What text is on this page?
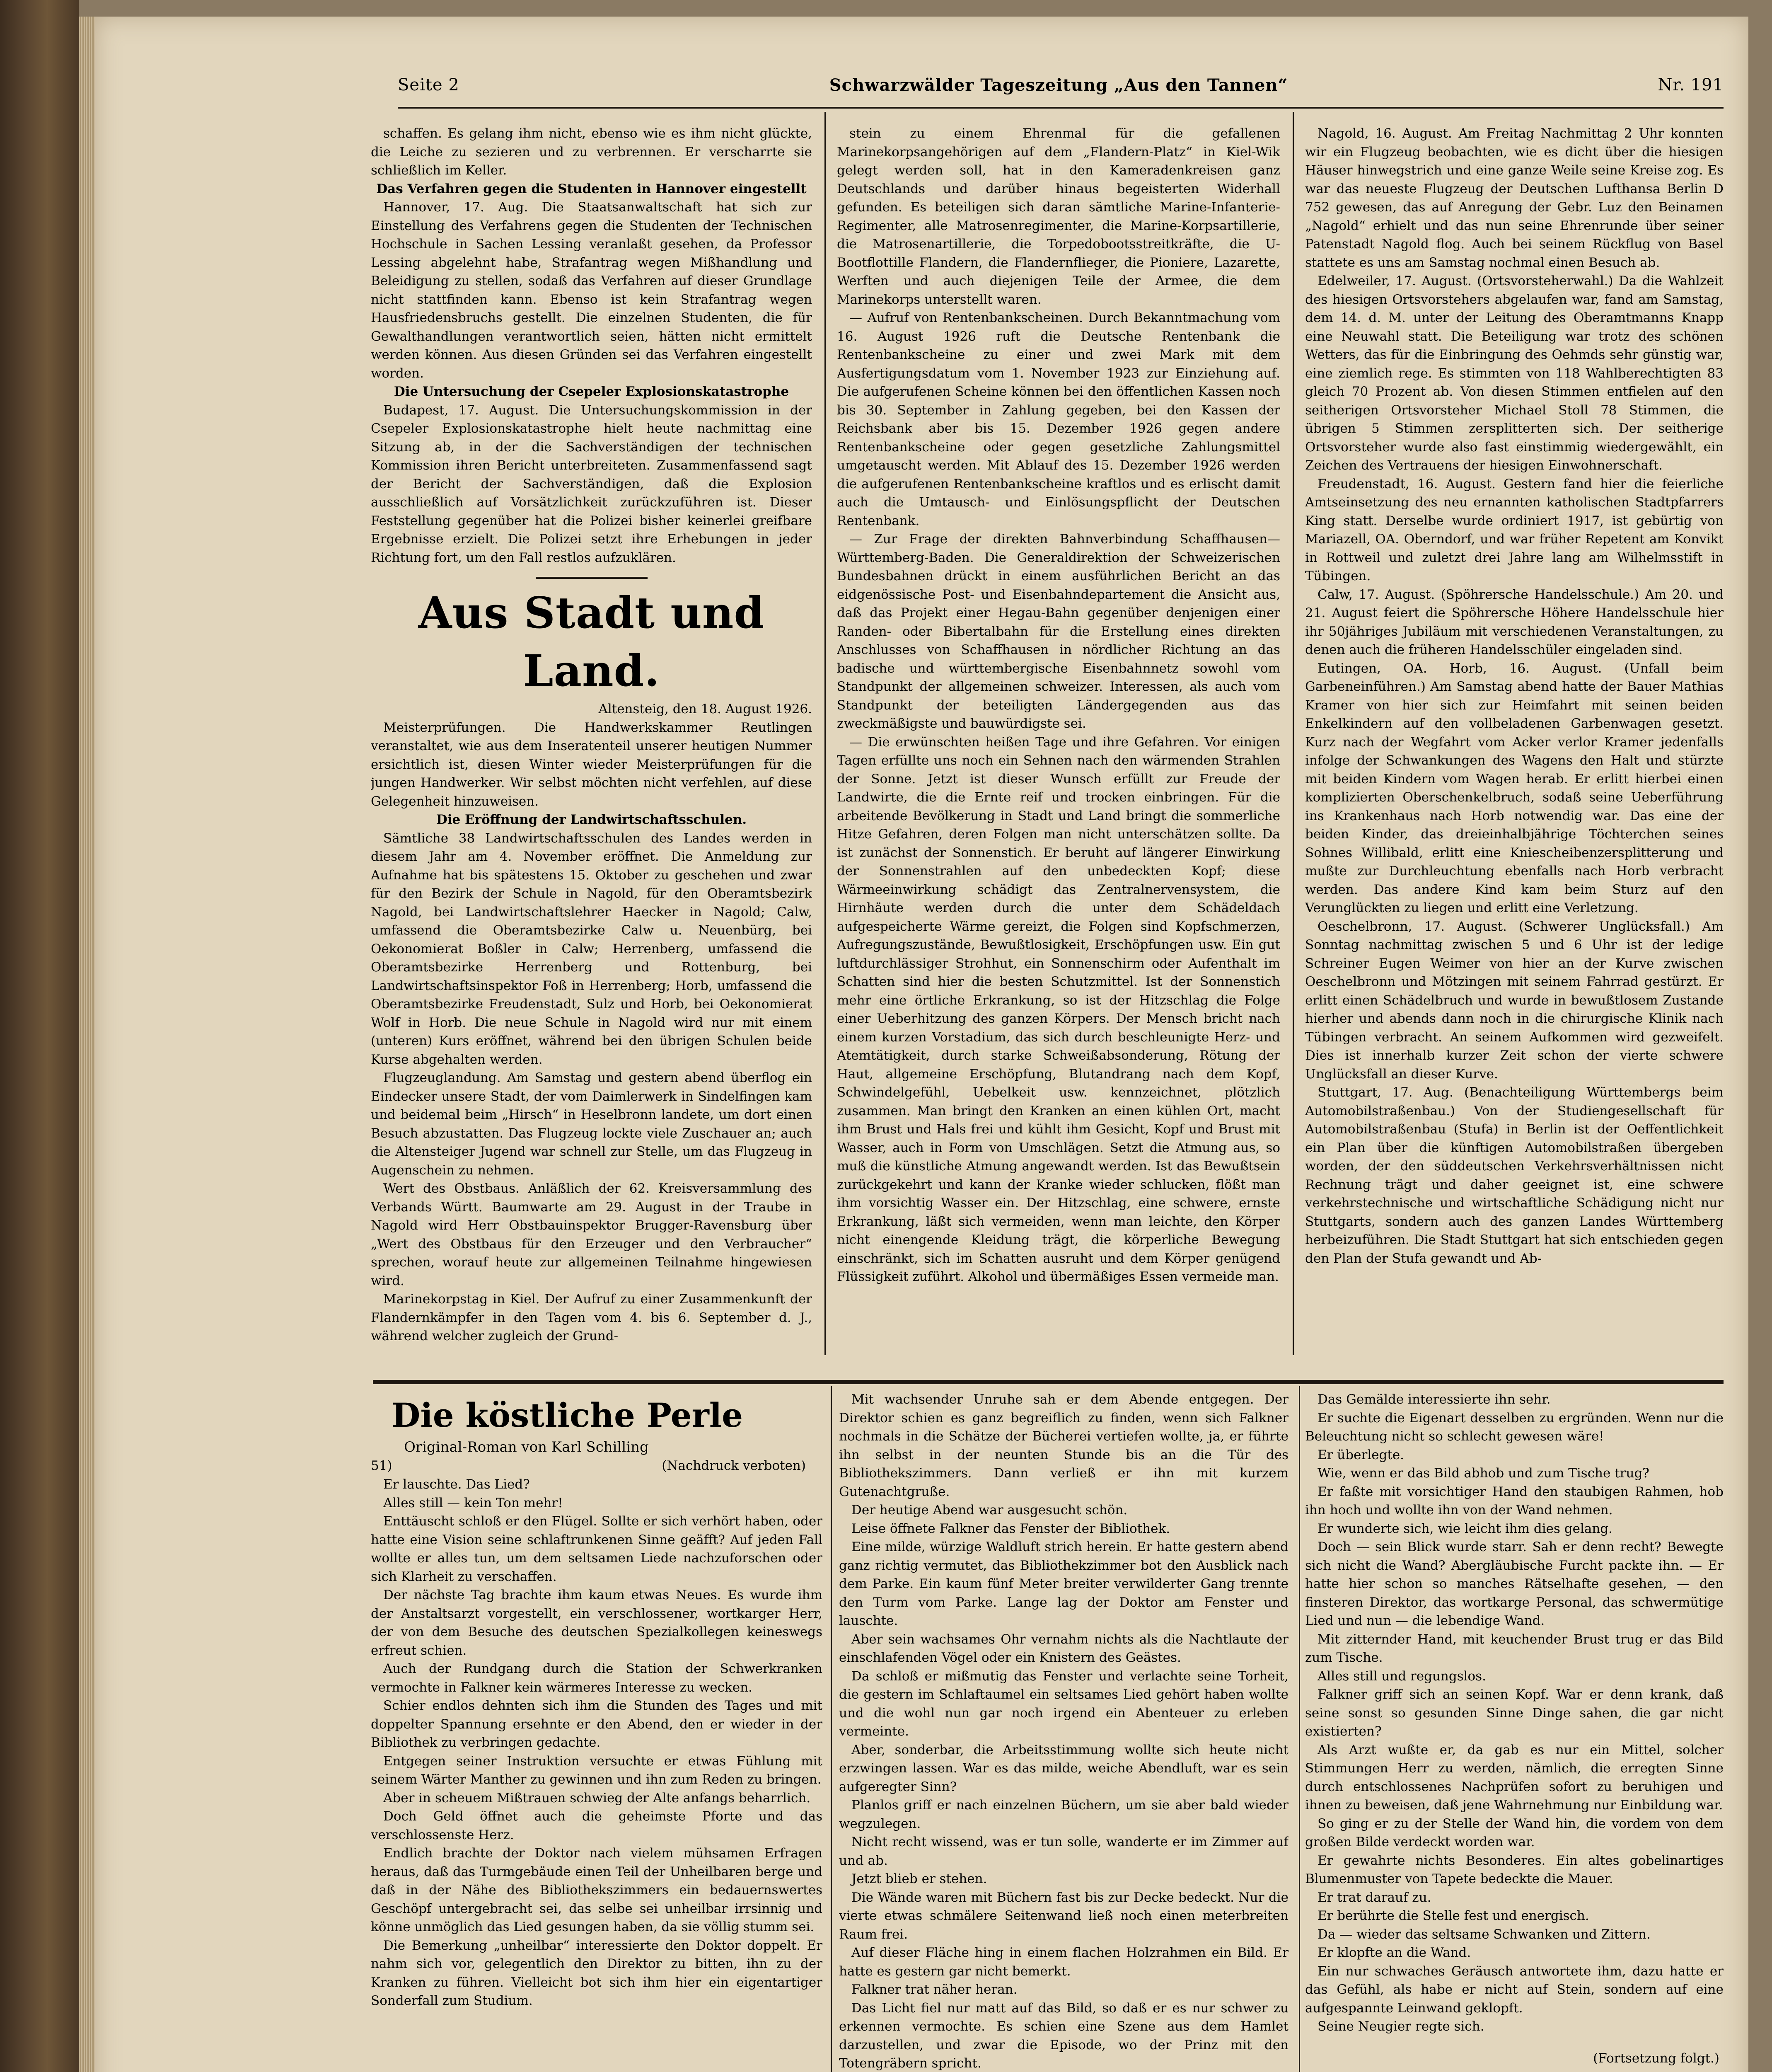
Seite 2	Schwarzwälder Tageszeitung „Aus den Tannen“	Nr. 191

schaffen. Es gelang ihm nicht, ebenso wie es ihm nicht glückte, die Leiche zu sezieren und zu verbrennen. Er verscharrte sie schließlich im Keller.

Das Verfahren gegen die Studenten in Hannover eingestellt

Hannover, 17. Aug. Die Staatsanwaltschaft hat sich zur Einstellung des Verfahrens gegen die Studenten der Technischen Hochschule in Sachen Lessing veranlaßt gesehen, da Professor Lessing abgelehnt habe, Strafantrag wegen Mißhandlung und Beleidigung zu stellen, sodaß das Verfahren auf dieser Grundlage nicht stattfinden kann. Ebenso ist kein Strafantrag wegen Hausfriedensbruchs gestellt. Die einzelnen Studenten, die für Gewalthandlungen verantwortlich seien, hätten nicht ermittelt werden können. Aus diesen Gründen sei das Verfahren eingestellt worden.

Die Untersuchung der Csepeler Explosionskatastrophe

Budapest, 17. August. Die Untersuchungskommission in der Csepeler Explosionskatastrophe hielt heute nachmittag eine Sitzung ab, in der die Sachverständigen der technischen Kommission ihren Bericht unterbreiteten. Zusammenfassend sagt der Bericht der Sachverständigen, daß die Explosion ausschließlich auf Vorsätzlichkeit zurückzuführen ist. Dieser Feststellung gegenüber hat die Polizei bisher keinerlei greifbare Ergebnisse erzielt. Die Polizei setzt ihre Erhebungen in jeder Richtung fort, um den Fall restlos aufzuklären.

Aus Stadt und Land.

Altensteig, den 18. August 1926.

Meisterprüfungen. Die Handwerkskammer Reutlingen veranstaltet, wie aus dem Inseratenteil unserer heutigen Nummer ersichtlich ist, diesen Winter wieder Meisterprüfungen für die jungen Handwerker. Wir selbst möchten nicht verfehlen, auf diese Gelegenheit hinzuweisen.

Die Eröffnung der Landwirtschaftsschulen.

Sämtliche 38 Landwirtschaftsschulen des Landes werden in diesem Jahr am 4. November eröffnet. Die Anmeldung zur Aufnahme hat bis spätestens 15. Oktober zu geschehen und zwar für den Bezirk der Schule in Nagold, für den Oberamtsbezirk Nagold, bei Landwirtschaftslehrer Haecker in Nagold; Calw, umfassend die Oberamtsbezirke Calw u. Neuenbürg, bei Oekonomierat Boßler in Calw; Herrenberg, umfassend die Oberamtsbezirke Herrenberg und Rottenburg, bei Landwirtschaftsinspektor Foß in Herrenberg; Horb, umfassend die Oberamtsbezirke Freudenstadt, Sulz und Horb, bei Oekonomierat Wolf in Horb. Die neue Schule in Nagold wird nur mit einem (unteren) Kurs eröffnet, während bei den übrigen Schulen beide Kurse abgehalten werden.

Flugzeuglandung. Am Samstag und gestern abend überflog ein Eindecker unsere Stadt, der vom Daimlerwerk in Sindelfingen kam und beidemal beim „Hirsch“ in Heselbronn landete, um dort einen Besuch abzustatten. Das Flugzeug lockte viele Zuschauer an; auch die Altensteiger Jugend war schnell zur Stelle, um das Flugzeug in Augenschein zu nehmen.

Wert des Obstbaus. Anläßlich der 62. Kreisversammlung des Verbands Württ. Baumwarte am 29. August in der Traube in Nagold wird Herr Obstbauinspektor Brugger-Ravensburg über „Wert des Obstbaus für den Erzeuger und den Verbraucher“ sprechen, worauf heute zur allgemeinen Teilnahme hingewiesen wird.

Marinekorpstag in Kiel. Der Aufruf zu einer Zusammenkunft der Flandernkämpfer in den Tagen vom 4. bis 6. September d. J., während welcher zugleich der Grund-

stein zu einem Ehrenmal für die gefallenen Marinekorpsangehörigen auf dem „Flandern-Platz“ in Kiel-Wik gelegt werden soll, hat in den Kameradenkreisen ganz Deutschlands und darüber hinaus begeisterten Widerhall gefunden. Es beteiligen sich daran sämtliche Marine-Infanterie-Regimenter, alle Matrosenregimenter, die Marine-Korpsartillerie, die Matrosenartillerie, die Torpedobootsstreitkräfte, die U-Bootflottille Flandern, die Flandernflieger, die Pioniere, Lazarette, Werften und auch diejenigen Teile der Armee, die dem Marinekorps unterstellt waren.

— Aufruf von Rentenbankscheinen. Durch Bekanntmachung vom 16. August 1926 ruft die Deutsche Rentenbank die Rentenbankscheine zu einer und zwei Mark mit dem Ausfertigungsdatum vom 1. November 1923 zur Einziehung auf. Die aufgerufenen Scheine können bei den öffentlichen Kassen noch bis 30. September in Zahlung gegeben, bei den Kassen der Reichsbank aber bis 15. Dezember 1926 gegen andere Rentenbankscheine oder gegen gesetzliche Zahlungsmittel umgetauscht werden. Mit Ablauf des 15. Dezember 1926 werden die aufgerufenen Rentenbankscheine kraftlos und es erlischt damit auch die Umtausch- und Einlösungspflicht der Deutschen Rentenbank.

— Zur Frage der direkten Bahnverbindung Schaffhausen—Württemberg-Baden. Die Generaldirektion der Schweizerischen Bundesbahnen drückt in einem ausführlichen Bericht an das eidgenössische Post- und Eisenbahndepartement die Ansicht aus, daß das Projekt einer Hegau-Bahn gegenüber denjenigen einer Randen- oder Bibertalbahn für die Erstellung eines direkten Anschlusses von Schaffhausen in nördlicher Richtung an das badische und württembergische Eisenbahnnetz sowohl vom Standpunkt der allgemeinen schweizer. Interessen, als auch vom Standpunkt der beteiligten Ländergegenden aus das zweckmäßigste und bauwürdigste sei.

— Die erwünschten heißen Tage und ihre Gefahren. Vor einigen Tagen erfüllte uns noch ein Sehnen nach den wärmenden Strahlen der Sonne. Jetzt ist dieser Wunsch erfüllt zur Freude der Landwirte, die die Ernte reif und trocken einbringen. Für die arbeitende Bevölkerung in Stadt und Land bringt die sommerliche Hitze Gefahren, deren Folgen man nicht unterschätzen sollte. Da ist zunächst der Sonnenstich. Er beruht auf längerer Einwirkung der Sonnenstrahlen auf den unbedeckten Kopf; diese Wärmeeinwirkung schädigt das Zentralnervensystem, die Hirnhäute werden durch die unter dem Schädeldach aufgespeicherte Wärme gereizt, die Folgen sind Kopfschmerzen, Aufregungszustände, Bewußtlosigkeit, Erschöpfungen usw. Ein gut luftdurchlässiger Strohhut, ein Sonnenschirm oder Aufenthalt im Schatten sind hier die besten Schutzmittel. Ist der Sonnenstich mehr eine örtliche Erkrankung, so ist der Hitzschlag die Folge einer Ueberhitzung des ganzen Körpers. Der Mensch bricht nach einem kurzen Vorstadium, das sich durch beschleunigte Herz- und Atemtätigkeit, durch starke Schweißabsonderung, Rötung der Haut, allgemeine Erschöpfung, Blutandrang nach dem Kopf, Schwindelgefühl, Uebelkeit usw. kennzeichnet, plötzlich zusammen. Man bringt den Kranken an einen kühlen Ort, macht ihm Brust und Hals frei und kühlt ihm Gesicht, Kopf und Brust mit Wasser, auch in Form von Umschlägen. Setzt die Atmung aus, so muß die künstliche Atmung angewandt werden. Ist das Bewußtsein zurückgekehrt und kann der Kranke wieder schlucken, flößt man ihm vorsichtig Wasser ein. Der Hitzschlag, eine schwere, ernste Erkrankung, läßt sich vermeiden, wenn man leichte, den Körper nicht einengende Kleidung trägt, die körperliche Bewegung einschränkt, sich im Schatten ausruht und dem Körper genügend Flüssigkeit zuführt. Alkohol und übermäßiges Essen vermeide man.

Nagold, 16. August. Am Freitag Nachmittag 2 Uhr konnten wir ein Flugzeug beobachten, wie es dicht über die hiesigen Häuser hinwegstrich und eine ganze Weile seine Kreise zog. Es war das neueste Flugzeug der Deutschen Lufthansa Berlin D 752 gewesen, das auf Anregung der Gebr. Luz den Beinamen „Nagold“ erhielt und das nun seine Ehrenrunde über seiner Patenstadt Nagold flog. Auch bei seinem Rückflug von Basel stattete es uns am Samstag nochmal einen Besuch ab.

Edelweiler, 17. August. (Ortsvorsteherwahl.) Da die Wahlzeit des hiesigen Ortsvorstehers abgelaufen war, fand am Samstag, dem 14. d. M. unter der Leitung des Oberamtmanns Knapp eine Neuwahl statt. Die Beteiligung war trotz des schönen Wetters, das für die Einbringung des Oehmds sehr günstig war, eine ziemlich rege. Es stimmten von 118 Wahlberechtigten 83 gleich 70 Prozent ab. Von diesen Stimmen entfielen auf den seitherigen Ortsvorsteher Michael Stoll 78 Stimmen, die übrigen 5 Stimmen zersplitterten sich. Der seitherige Ortsvorsteher wurde also fast einstimmig wiedergewählt, ein Zeichen des Vertrauens der hiesigen Einwohnerschaft.

Freudenstadt, 16. August. Gestern fand hier die feierliche Amtseinsetzung des neu ernannten katholischen Stadtpfarrers King statt. Derselbe wurde ordiniert 1917, ist gebürtig von Mariazell, OA. Oberndorf, und war früher Repetent am Konvikt in Rottweil und zuletzt drei Jahre lang am Wilhelmsstift in Tübingen.

Calw, 17. August. (Spöhrersche Handelsschule.) Am 20. und 21. August feiert die Spöhrersche Höhere Handelsschule hier ihr 50jähriges Jubiläum mit verschiedenen Veranstaltungen, zu denen auch die früheren Handelsschüler eingeladen sind.

Eutingen, OA. Horb, 16. August. (Unfall beim Garbeneinführen.) Am Samstag abend hatte der Bauer Mathias Kramer von hier sich zur Heimfahrt mit seinen beiden Enkelkindern auf den vollbeladenen Garbenwagen gesetzt. Kurz nach der Wegfahrt vom Acker verlor Kramer jedenfalls infolge der Schwankungen des Wagens den Halt und stürzte mit beiden Kindern vom Wagen herab. Er erlitt hierbei einen komplizierten Oberschenkelbruch, sodaß seine Ueberführung ins Krankenhaus nach Horb notwendig war. Das eine der beiden Kinder, das dreieinhalbjährige Töchterchen seines Sohnes Willibald, erlitt eine Kniescheibenzersplitterung und mußte zur Durchleuchtung ebenfalls nach Horb verbracht werden. Das andere Kind kam beim Sturz auf den Verunglückten zu liegen und erlitt eine Verletzung.

Oeschelbronn, 17. August. (Schwerer Unglücksfall.) Am Sonntag nachmittag zwischen 5 und 6 Uhr ist der ledige Schreiner Eugen Weimer von hier an der Kurve zwischen Oeschelbronn und Mötzingen mit seinem Fahrrad gestürzt. Er erlitt einen Schädelbruch und wurde in bewußtlosem Zustande hierher und abends dann noch in die chirurgische Klinik nach Tübingen verbracht. An seinem Aufkommen wird gezweifelt. Dies ist innerhalb kurzer Zeit schon der vierte schwere Unglücksfall an dieser Kurve.

Stuttgart, 17. Aug. (Benachteiligung Württembergs beim Automobilstraßenbau.) Von der Studiengesellschaft für Automobilstraßenbau (Stufa) in Berlin ist der Oeffentlichkeit ein Plan über die künftigen Automobilstraßen übergeben worden, der den süddeutschen Verkehrsverhältnissen nicht Rechnung trägt und daher geeignet ist, eine schwere verkehrstechnische und wirtschaftliche Schädigung nicht nur Stuttgarts, sondern auch des ganzen Landes Württemberg herbeizuführen. Die Stadt Stuttgart hat sich entschieden gegen den Plan der Stufa gewandt und Ab-

Die köstliche Perle
Original-Roman von Karl Schilling
51)	(Nachdruck verboten)

Er lauschte. Das Lied?

Alles still — kein Ton mehr!

Enttäuscht schloß er den Flügel. Sollte er sich verhört haben, oder hatte eine Vision seine schlaftrunkenen Sinne geäfft? Auf jeden Fall wollte er alles tun, um dem seltsamen Liede nachzuforschen oder sich Klarheit zu verschaffen.

Der nächste Tag brachte ihm kaum etwas Neues. Es wurde ihm der Anstaltsarzt vorgestellt, ein verschlossener, wortkarger Herr, der von dem Besuche des deutschen Spezialkollegen keineswegs erfreut schien.

Auch der Rundgang durch die Station der Schwerkranken vermochte in Falkner kein wärmeres Interesse zu wecken.

Schier endlos dehnten sich ihm die Stunden des Tages und mit doppelter Spannung ersehnte er den Abend, den er wieder in der Bibliothek zu verbringen gedachte.

Entgegen seiner Instruktion versuchte er etwas Fühlung mit seinem Wärter Manther zu gewinnen und ihn zum Reden zu bringen.

Aber in scheuem Mißtrauen schwieg der Alte anfangs beharrlich.

Doch Geld öffnet auch die geheimste Pforte und das verschlossenste Herz.

Endlich brachte der Doktor nach vielem mühsamen Erfragen heraus, daß das Turmgebäude einen Teil der Unheilbaren berge und daß in der Nähe des Bibliothekszimmers ein bedauernswertes Geschöpf untergebracht sei, das selbe sei unheilbar irrsinnig und könne unmöglich das Lied gesungen haben, da sie völlig stumm sei.

Die Bemerkung „unheilbar“ interessierte den Doktor doppelt. Er nahm sich vor, gelegentlich den Direktor zu bitten, ihn zu der Kranken zu führen. Vielleicht bot sich ihm hier ein eigentartiger Sonderfall zum Studium.

Mit wachsender Unruhe sah er dem Abende entgegen. Der Direktor schien es ganz begreiflich zu finden, wenn sich Falkner nochmals in die Schätze der Bücherei vertiefen wollte, ja, er führte ihn selbst in der neunten Stunde bis an die Tür des Bibliothekszimmers. Dann verließ er ihn mit kurzem Gutenachtgruße.

Der heutige Abend war ausgesucht schön.

Leise öffnete Falkner das Fenster der Bibliothek.

Eine milde, würzige Waldluft strich herein. Er hatte gestern abend ganz richtig vermutet, das Bibliothekzimmer bot den Ausblick nach dem Parke. Ein kaum fünf Meter breiter verwilderter Gang trennte den Turm vom Parke. Lange lag der Doktor am Fenster und lauschte.

Aber sein wachsames Ohr vernahm nichts als die Nachtlaute der einschlafenden Vögel oder ein Knistern des Geästes.

Da schloß er mißmutig das Fenster und verlachte seine Torheit, die gestern im Schlaftaumel ein seltsames Lied gehört haben wollte und die wohl nun gar noch irgend ein Abenteuer zu erleben vermeinte.

Aber, sonderbar, die Arbeitsstimmung wollte sich heute nicht erzwingen lassen. War es das milde, weiche Abendluft, war es sein aufgeregter Sinn?

Planlos griff er nach einzelnen Büchern, um sie aber bald wieder wegzulegen.

Nicht recht wissend, was er tun solle, wanderte er im Zimmer auf und ab.

Jetzt blieb er stehen.

Die Wände waren mit Büchern fast bis zur Decke bedeckt. Nur die vierte etwas schmälere Seitenwand ließ noch einen meterbreiten Raum frei.

Auf dieser Fläche hing in einem flachen Holzrahmen ein Bild. Er hatte es gestern gar nicht bemerkt.

Falkner trat näher heran.

Das Licht fiel nur matt auf das Bild, so daß er es nur schwer zu erkennen vermochte. Es schien eine Szene aus dem Hamlet darzustellen, und zwar die Episode, wo der Prinz mit den Totengräbern spricht.

Das Gemälde interessierte ihn sehr.

Er suchte die Eigenart desselben zu ergründen. Wenn nur die Beleuchtung nicht so schlecht gewesen wäre!

Er überlegte.

Wie, wenn er das Bild abhob und zum Tische trug?

Er faßte mit vorsichtiger Hand den staubigen Rahmen, hob ihn hoch und wollte ihn von der Wand nehmen.

Er wunderte sich, wie leicht ihm dies gelang.

Doch — sein Blick wurde starr. Sah er denn recht? Bewegte sich nicht die Wand? Abergläubische Furcht packte ihn. — Er hatte hier schon so manches Rätselhafte gesehen, — den finsteren Direktor, das wortkarge Personal, das schwermütige Lied und nun — die lebendige Wand.

Mit zitternder Hand, mit keuchender Brust trug er das Bild zum Tische.

Alles still und regungslos.

Falkner griff sich an seinen Kopf. War er denn krank, daß seine sonst so gesunden Sinne Dinge sahen, die gar nicht existierten?

Als Arzt wußte er, da gab es nur ein Mittel, solcher Stimmungen Herr zu werden, nämlich, die erregten Sinne durch entschlossenes Nachprüfen sofort zu beruhigen und ihnen zu beweisen, daß jene Wahrnehmung nur Einbildung war.

So ging er zu der Stelle der Wand hin, die vordem von dem großen Bilde verdeckt worden war.

Er gewahrte nichts Besonderes. Ein altes gobelinartiges Blumenmuster von Tapete bedeckte die Mauer.

Er trat darauf zu.

Er berührte die Stelle fest und energisch.

Da — wieder das seltsame Schwanken und Zittern.

Er klopfte an die Wand.

Ein nur schwaches Geräusch antwortete ihm, dazu hatte er das Gefühl, als habe er nicht auf Stein, sondern auf eine aufgespannte Leinwand geklopft.

Seine Neugier regte sich.

(Fortsetzung folgt.)
